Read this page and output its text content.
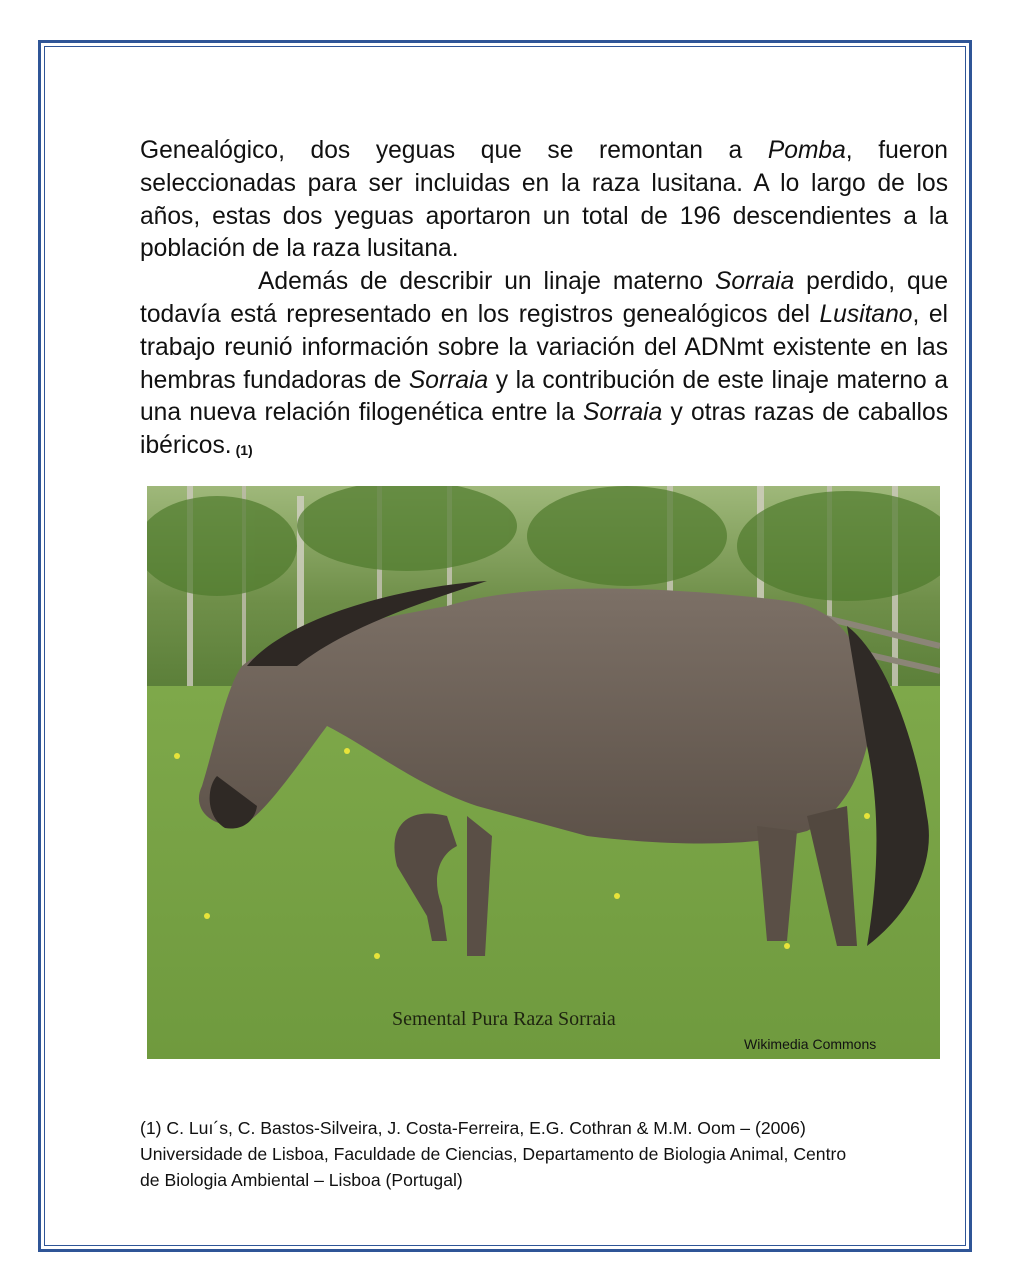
Genealógico, dos yeguas que se remontan a Pomba, fueron seleccionadas para ser incluidas en la raza lusitana. A lo largo de los años, estas dos yeguas aportaron un total de 196 descendientes a la población de la raza lusitana.

Además de describir un linaje materno Sorraia perdido, que todavía está representado en los registros genealógicos del Lusitano, el trabajo reunió información sobre la variación del ADNmt existente en las hembras fundadoras de Sorraia y la contribución de este linaje materno a una nueva relación filogenética entre la Sorraia y otras razas de caballos ibéricos. (1)

Semental Pura Raza Sorraia
Wikimedia Commons
(1) C. Luı´s, C. Bastos-Silveira, J. Costa-Ferreira, E.G. Cothran & M.M. Oom – (2006)
Universidade de Lisboa, Faculdade de Ciencias, Departamento de Biologia Animal, Centro
de Biologia Ambiental – Lisboa (Portugal)
